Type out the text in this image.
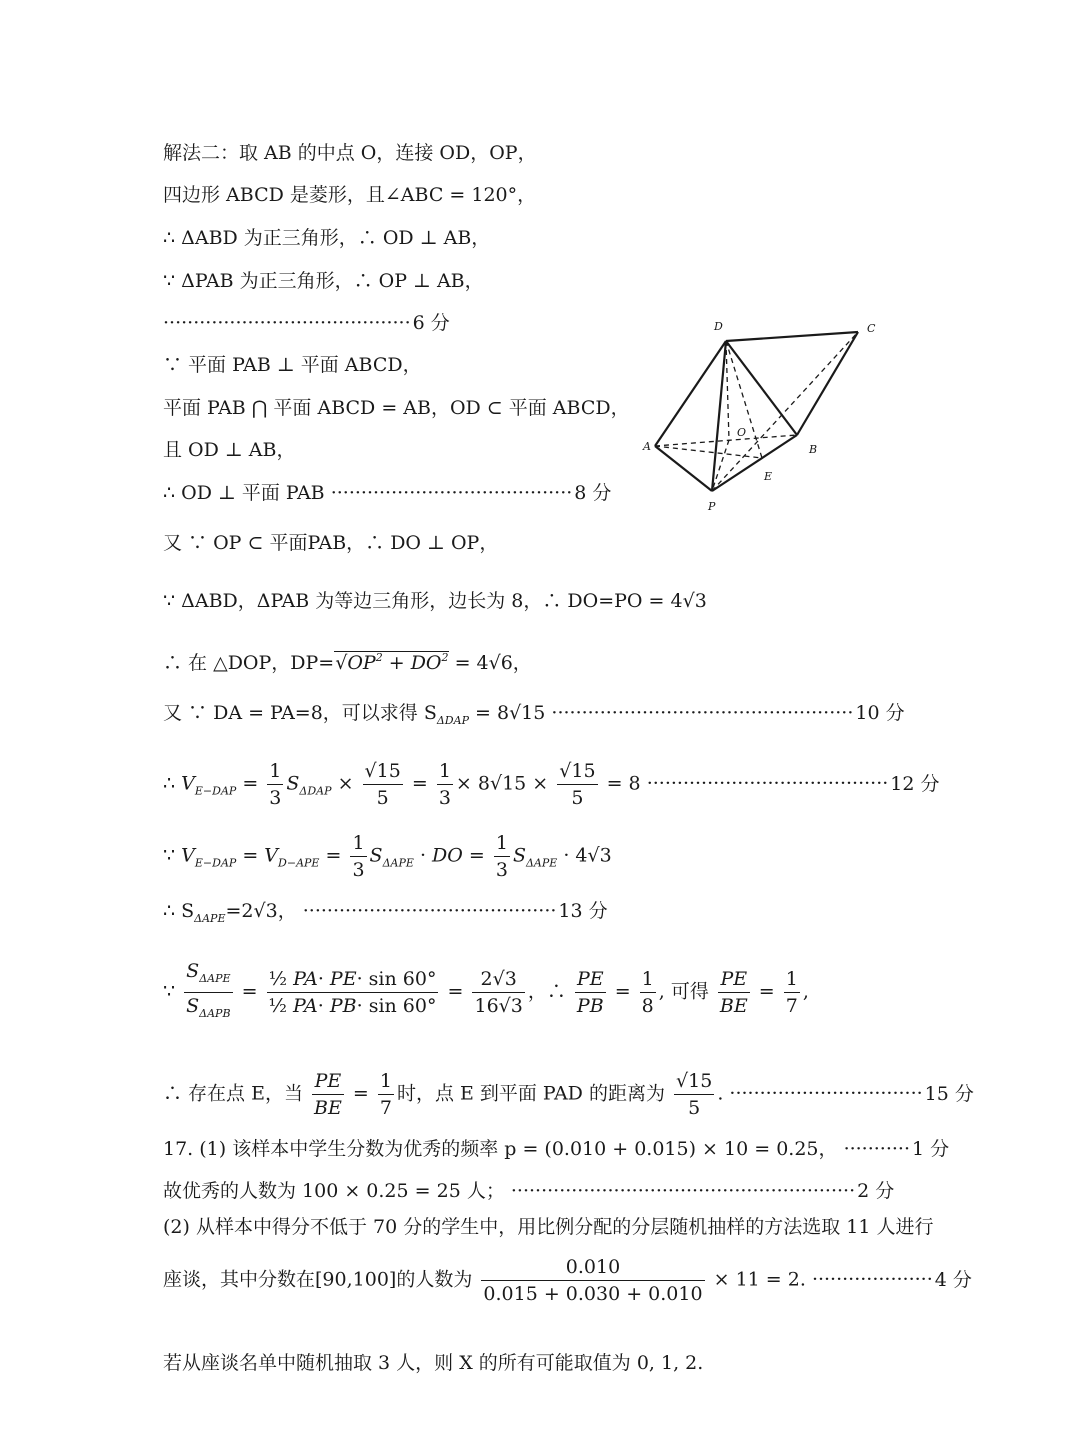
解法二：取 AB 的中点 O，连接 OD，OP，
四边形 ABCD 是菱形，且∠ABC = 120°，
∴ ΔABD 为正三角形，∴ OD ⊥ AB，
∵ ΔPAB 为正三角形，∴ OP ⊥ AB，
········································· 6 分
∵ 平面 PAB ⊥ 平面 ABCD，
平面 PAB ⋂ 平面 ABCD = AB，OD ⊂ 平面 ABCD，
且 OD ⊥ AB，
∴ OD ⊥ 平面 PAB ········································ 8 分
又 ∵ OP ⊂ 平面PAB，∴ DO ⊥ OP，
∵ ΔABD，ΔPAB 为等边三角形，边长为 8，∴ DO=PO = 4√3
∴ 在 △DOP，$DP=√OP^2 + DO^2 = 4√6$，
又 ∵ DA = PA=8，可以求得 $S_{\Delta DAP} = 8√15$ ·················································· 10 分
∴ $V_{E-DAP} = \frac{1}{3} S_{\Delta DAP} \times \frac{√15}{5} = \frac{1}{3} \times 8√15 \times \frac{√15}{5} = 8$ ········································ 12 分
∵ $V_{E-DAP} = V_{D-APE} = \frac{1}{3} S_{\Delta APE}$ · DO = $\frac{1}{3} S_{\Delta APE} \cdot 4√3$
∴ $S_{\Delta APE}=2√3$， ·········································· 13 分
∵ $\frac{S_{\Delta APE}}{S_{\Delta APB}} = \frac{\text{½ PA· PE· sin 60°}}{\text{½ PA· PB· sin 60°}} = \frac{2√3}{16√3}$ ，∴ $\frac{PE}{PB} = \frac{1}{8}$ , 可得 $\frac{PE}{BE} = \frac{1}{7}$ ,
∴ 存在点 E，当 $\frac{PE}{BE} = \frac{1}{7}$ 时，点 E 到平面 PAD 的距离为 $\frac{√15}{5}$ . ································ 15 分
17. (1) 该样本中学生分数为优秀的频率 p = (0.010 + 0.015) × 10 = 0.25， ··········· 1 分
故优秀的人数为 100 × 0.25 = 25 人； ························································· 2 分
(2) 从样本中得分不低于 70 分的学生中，用比例分配的分层随机抽样的方法选取 11 人进行
座谈，其中分数在[90,100]的人数为 $\frac{0.010}{0.015 + 0.030 + 0.010} \times 11 = 2$. ···················· 4 分
若从座谈名单中随机抽取 3 人，则 X 的所有可能取值为 0, 1, 2.
A	B
C
D
E
O
P
